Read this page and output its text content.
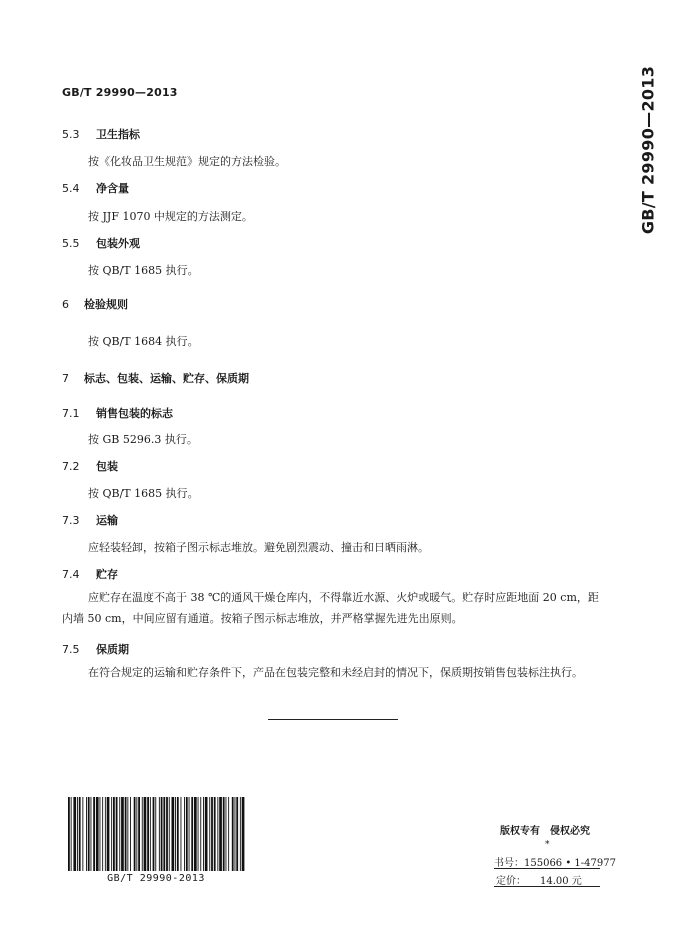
GB/T 29990—2013	GB/T 29990—2013
5.3 卫生指标
按《化妆品卫生规范》规定的方法检验。
5.4 净含量
按 JJF 1070 中规定的方法测定。
5.5 包装外观
按 QB/T 1685 执行。
6 检验规则
按 QB/T 1684 执行。
7 标志、包装、运输、贮存、保质期
7.1 销售包装的标志
按 GB 5296.3 执行。
7.2 包装
按 QB/T 1685 执行。
7.3 运输
应轻装轻卸，按箱子图示标志堆放。避免剧烈震动、撞击和日晒雨淋。
7.4 贮存
应贮存在温度不高于 38 ℃的通风干燥仓库内，不得靠近水源、火炉或暖气。贮存时应距地面 20 cm，距内墙 50 cm，中间应留有通道。按箱子图示标志堆放，并严格掌握先进先出原则。
7.5 保质期
在符合规定的运输和贮存条件下，产品在包装完整和未经启封的情况下，保质期按销售包装标注执行。
GB/T 29990-2013
版权专有　侵权必究
*
书号：155066 • 1-47977
定价： 14.00 元
